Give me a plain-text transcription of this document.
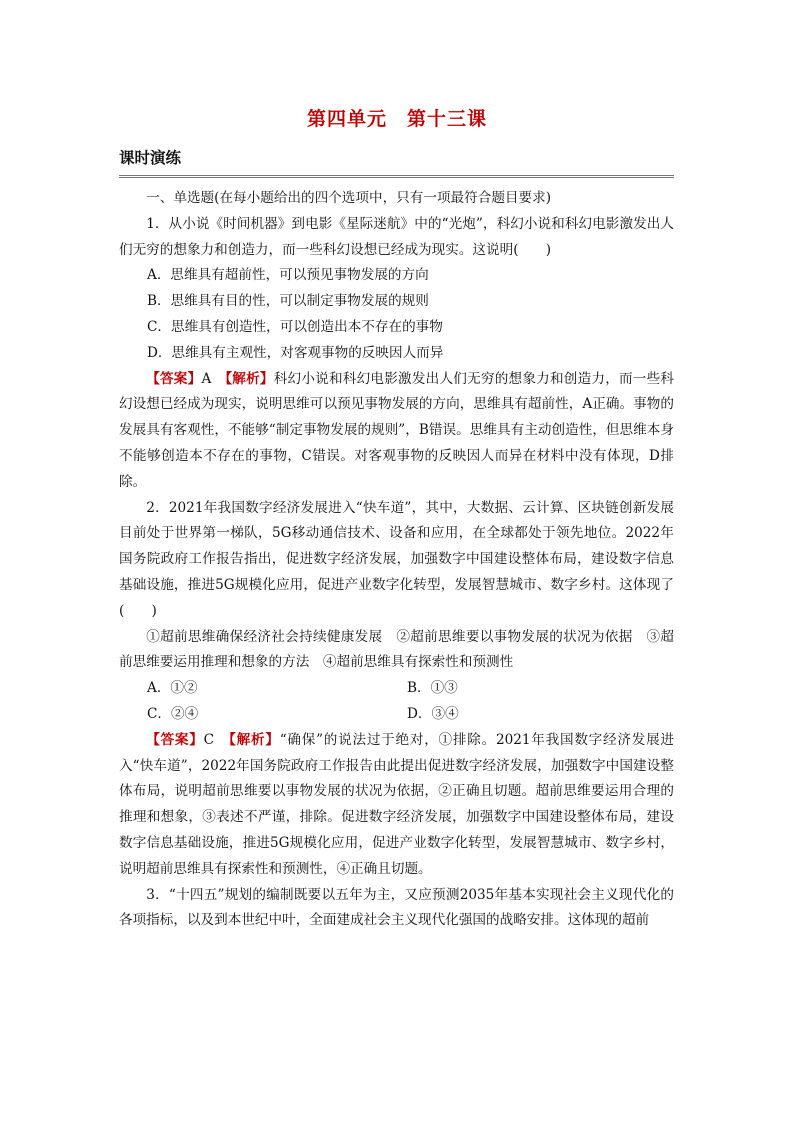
第四单元　第十三课
课时演练

一、单选题(在每小题给出的四个选项中，只有一项最符合题目要求)

1．从小说《时间机器》到电影《星际迷航》中的“光炮”，科幻小说和科幻电影激发出人们无穷的想象力和创造力，而一些科幻设想已经成为现实。这说明(　　)

A．思维具有超前性，可以预见事物发展的方向

B．思维具有目的性，可以制定事物发展的规则

C．思维具有创造性，可以创造出本不存在的事物

D．思维具有主观性，对客观事物的反映因人而异

【答案】A　 【解析】科幻小说和科幻电影激发出人们无穷的想象力和创造力，而一些科幻设想已经成为现实，说明思维可以预见事物发展的方向，思维具有超前性，A正确。事物的发展具有客观性，不能够“制定事物发展的规则”，B错误。思维具有主动创造性，但思维本身不能够创造本不存在的事物，C错误。对客观事物的反映因人而异在材料中没有体现，D排除。

2．2021年我国数字经济发展进入“快车道”，其中，大数据、云计算、区块链创新发展目前处于世界第一梯队，5G移动通信技术、设备和应用，在全球都处于领先地位。2022年国务院政府工作报告指出，促进数字经济发展，加强数字中国建设整体布局，建设数字信息基础设施，推进5G规模化应用，促进产业数字化转型，发展智慧城市、数字乡村。这体现了(　　)

①超前思维确保经济社会持续健康发展　②超前思维要以事物发展的状况为依据　③超前思维要运用推理和想象的方法　④超前思维具有探索性和预测性

A．①②	B．①③
C．②④	D．③④

【答案】C　 【解析】“确保”的说法过于绝对，①排除。2021年我国数字经济发展进入“快车道”，2022年国务院政府工作报告由此提出促进数字经济发展，加强数字中国建设整体布局，说明超前思维要以事物发展的状况为依据，②正确且切题。超前思维要运用合理的推理和想象，③表述不严谨，排除。促进数字经济发展，加强数字中国建设整体布局，建设数字信息基础设施，推进5G规模化应用，促进产业数字化转型，发展智慧城市、数字乡村，说明超前思维具有探索性和预测性，④正确且切题。

3．“十四五”规划的编制既要以五年为主，又应预测2035年基本实现社会主义现代化的各项指标，以及到本世纪中叶，全面建成社会主义现代化强国的战略安排。这体现的超前
